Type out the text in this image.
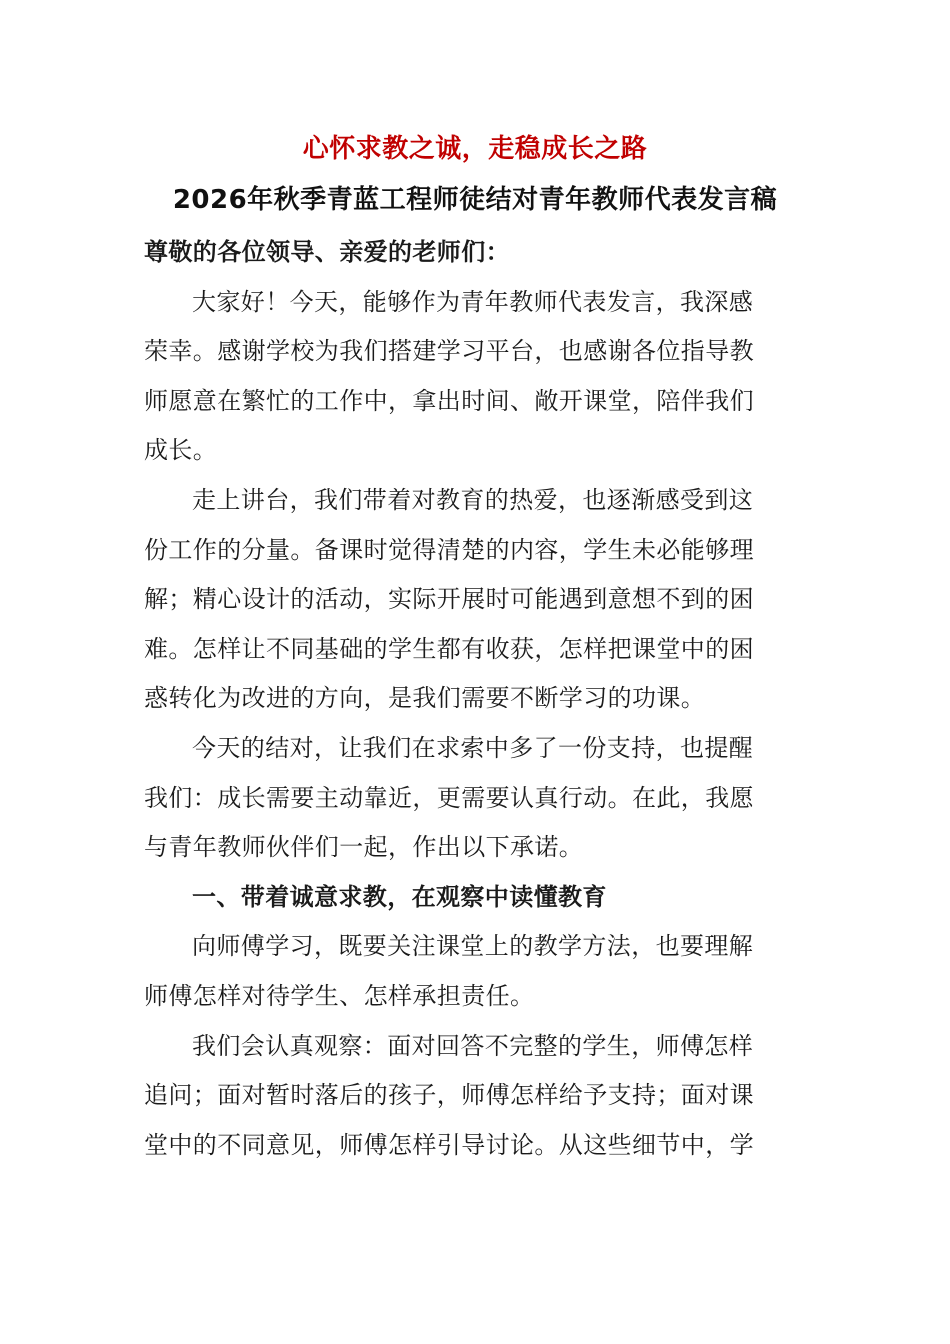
心怀求教之诚，走稳成长之路
2026年秋季青蓝工程师徒结对青年教师代表发言稿
尊敬的各位领导、亲爱的老师们：
大家好！今天，能够作为青年教师代表发言，我深感
荣幸。感谢学校为我们搭建学习平台，也感谢各位指导教
师愿意在繁忙的工作中，拿出时间、敞开课堂，陪伴我们
成长。
走上讲台，我们带着对教育的热爱，也逐渐感受到这
份工作的分量。备课时觉得清楚的内容，学生未必能够理
解；精心设计的活动，实际开展时可能遇到意想不到的困
难。怎样让不同基础的学生都有收获，怎样把课堂中的困
惑转化为改进的方向，是我们需要不断学习的功课。
今天的结对，让我们在求索中多了一份支持，也提醒
我们：成长需要主动靠近，更需要认真行动。在此，我愿
与青年教师伙伴们一起，作出以下承诺。
一、带着诚意求教，在观察中读懂教育
向师傅学习，既要关注课堂上的教学方法，也要理解
师傅怎样对待学生、怎样承担责任。
我们会认真观察：面对回答不完整的学生，师傅怎样
追问；面对暂时落后的孩子，师傅怎样给予支持；面对课
堂中的不同意见，师傅怎样引导讨论。从这些细节中，学
